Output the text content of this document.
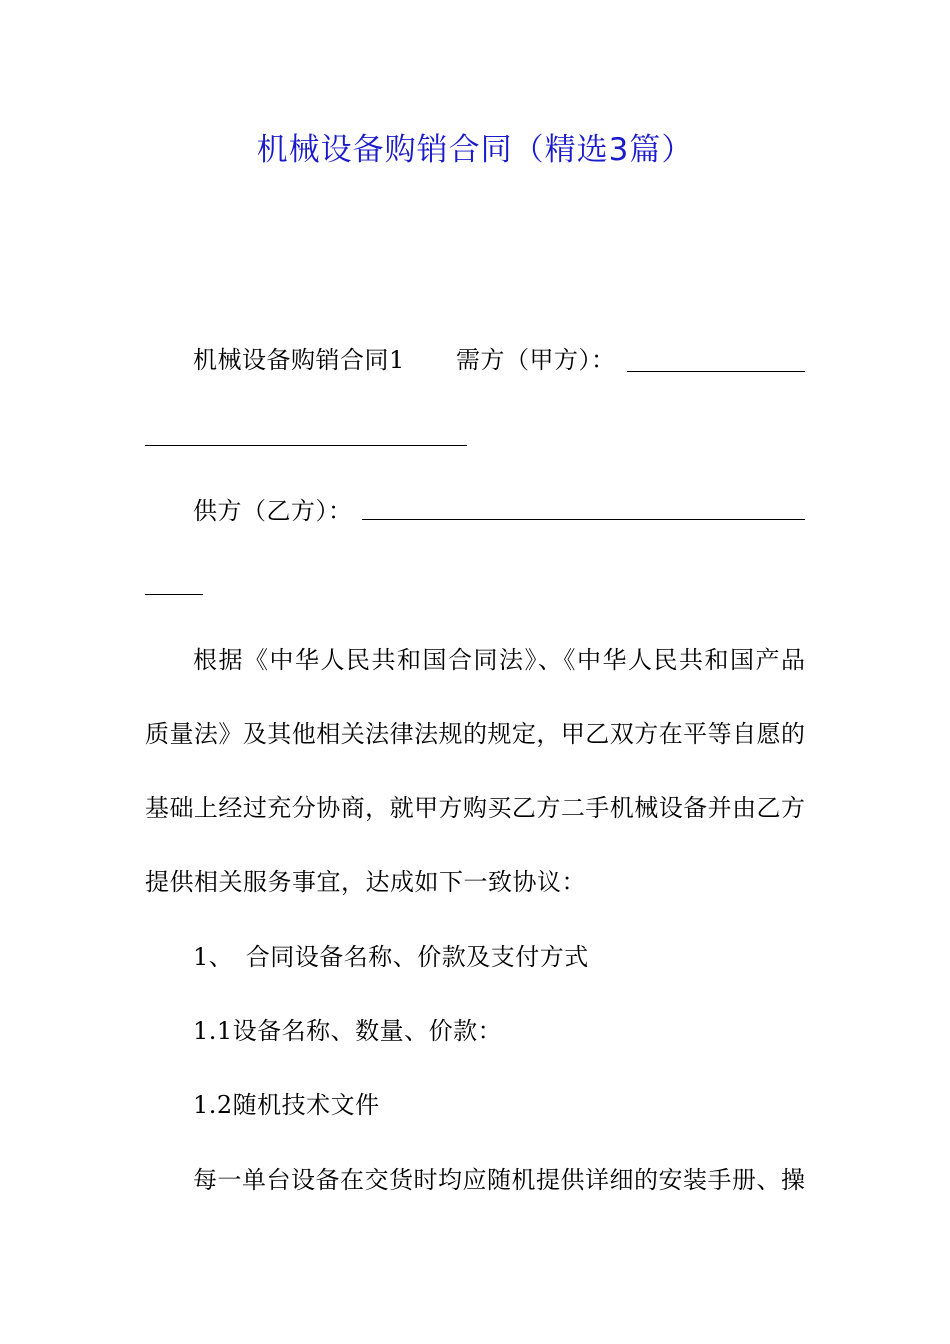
机械设备购销合同（精选3篇）
机械设备购销合同1 需方（甲方）：
供方（乙方）：
根据《中华人民共和国合同法》、《中华人民共和国产品
质量法》及其他相关法律法规的规定，甲乙双方在平等自愿的
基础上经过充分协商，就甲方购买乙方二手机械设备并由乙方
提供相关服务事宜，达成如下一致协议：
1、　合同设备名称、价款及支付方式
1.1设备名称、数量、价款：
1.2随机技术文件
每一单台设备在交货时均应随机提供详细的安装手册、操
